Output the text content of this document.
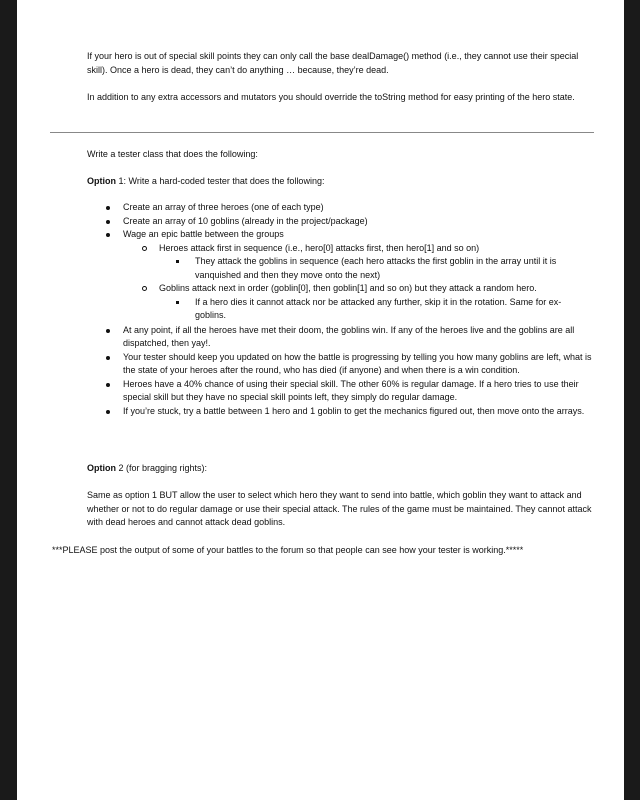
If your hero is out of special skill points they can only call the base dealDamage() method (i.e., they cannot use their special skill). Once a hero is dead, they can’t do anything … because, they’re dead.
In addition to any extra accessors and mutators you should override the toString method for easy printing of the hero state.
Write a tester class that does the following:
Option 1: Write a hard-coded tester that does the following:
Create an array of three heroes (one of each type)
Create an array of 10 goblins (already in the project/package)
Wage an epic battle between the groups
Heroes attack first in sequence (i.e., hero[0] attacks first, then hero[1] and so on)
They attack the goblins in sequence (each hero attacks the first goblin in the array until it is vanquished and then they move onto the next)
Goblins attack next in order (goblin[0], then goblin[1] and so on) but they attack a random hero.
If a hero dies it cannot attack nor be attacked any further, skip it in the rotation. Same for ex-goblins.
At any point, if all the heroes have met their doom, the goblins win. If any of the heroes live and the goblins are all dispatched, then yay!.
Your tester should keep you updated on how the battle is progressing by telling you how many goblins are left, what is the state of your heroes after the round, who has died (if anyone) and when there is a win condition.
Heroes have a 40% chance of using their special skill. The other 60% is regular damage. If a hero tries to use their special skill but they have no special skill points left, they simply do regular damage.
If you’re stuck, try a battle between 1 hero and 1 goblin to get the mechanics figured out, then move onto the arrays.
Option 2 (for bragging rights):
Same as option 1 BUT allow the user to select which hero they want to send into battle, which goblin they want to attack and whether or not to do regular damage or use their special attack. The rules of the game must be maintained. They cannot attack with dead heroes and cannot attack dead goblins.
***PLEASE post the output of some of your battles to the forum so that people can see how your tester is working.*****
